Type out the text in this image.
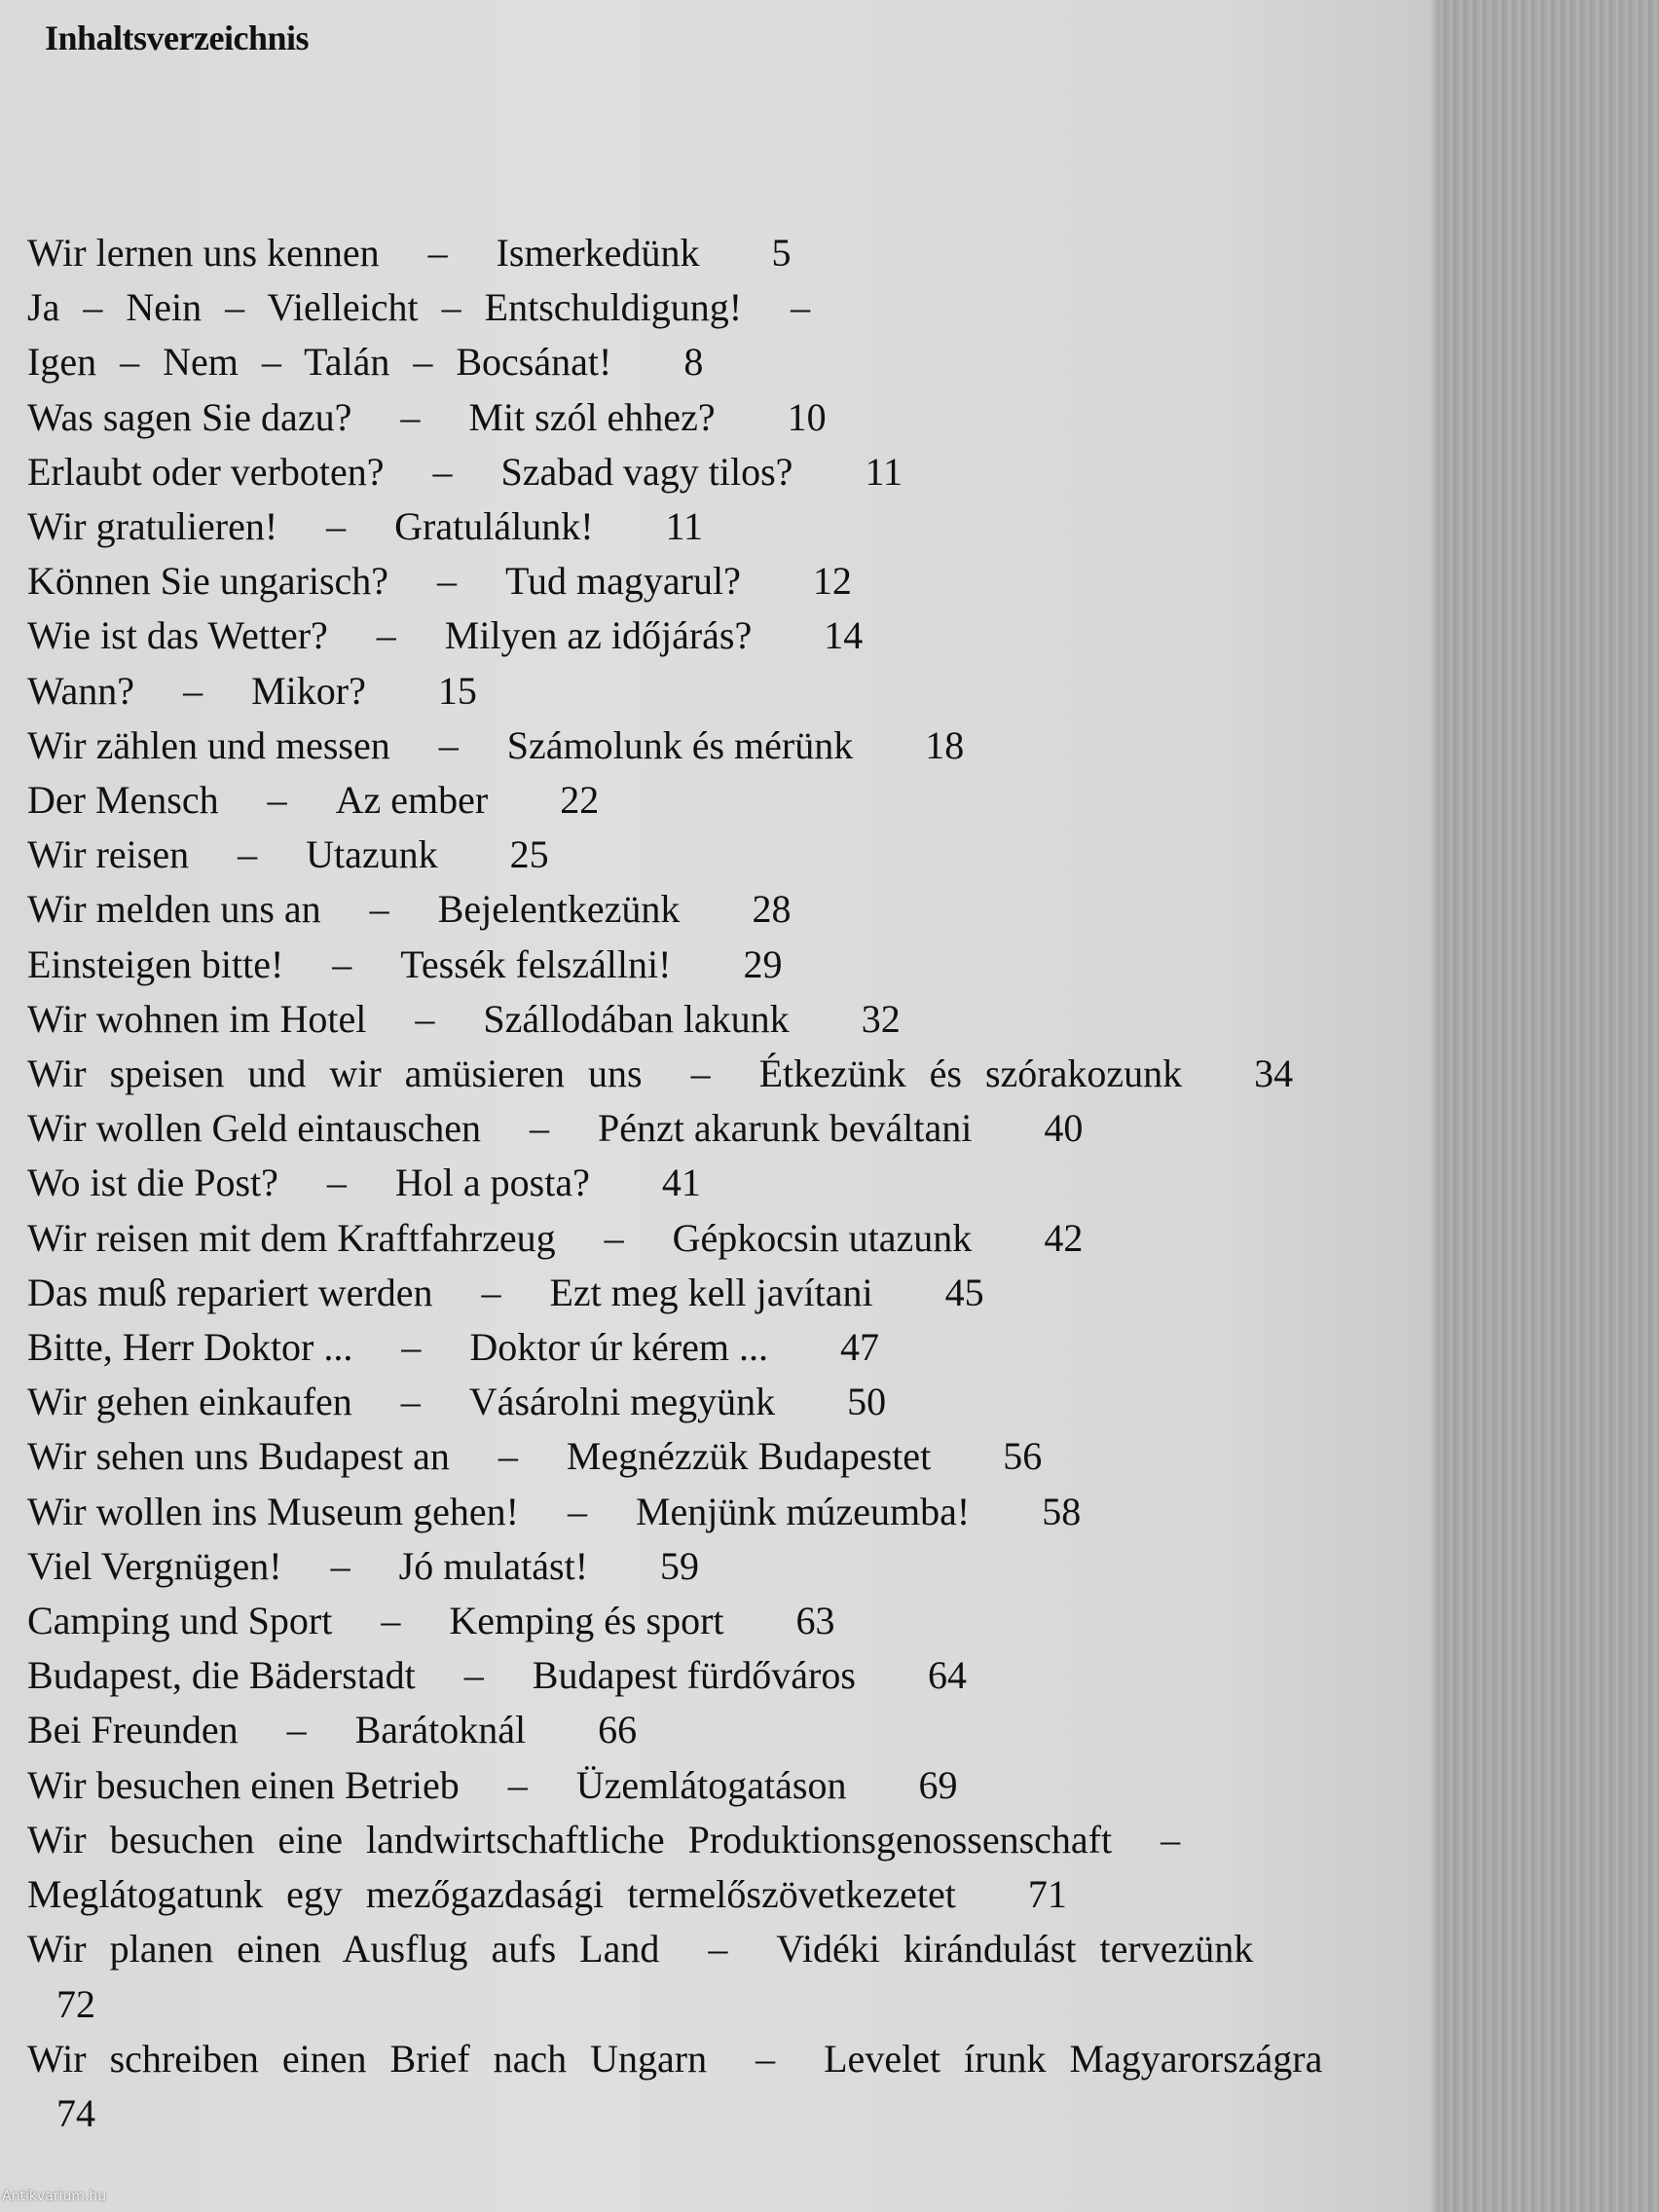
Inhaltsverzeichnis
Wir lernen uns kennen – Ismerkedünk 5
Ja – Nein – Vielleicht – Entschuldigung! –
Igen – Nem – Talán – Bocsánat! 8
Was sagen Sie dazu? – Mit szól ehhez? 10
Erlaubt oder verboten? – Szabad vagy tilos? 11
Wir gratulieren! – Gratulálunk! 11
Können Sie ungarisch? – Tud magyarul? 12
Wie ist das Wetter? – Milyen az időjárás? 14
Wann? – Mikor? 15
Wir zählen und messen – Számolunk és mérünk 18
Der Mensch – Az ember 22
Wir reisen – Utazunk 25
Wir melden uns an – Bejelentkezünk 28
Einsteigen bitte! – Tessék felszállni! 29
Wir wohnen im Hotel – Szállodában lakunk 32
Wir speisen und wir amüsieren uns – Étkezünk és szórakozunk 34
Wir wollen Geld eintauschen – Pénzt akarunk beváltani 40
Wo ist die Post? – Hol a posta? 41
Wir reisen mit dem Kraftfahrzeug – Gépkocsin utazunk 42
Das muß repariert werden – Ezt meg kell javítani 45
Bitte, Herr Doktor ... – Doktor úr kérem ... 47
Wir gehen einkaufen – Vásárolni megyünk 50
Wir sehen uns Budapest an – Megnézzük Budapestet 56
Wir wollen ins Museum gehen! – Menjünk múzeumba! 58
Viel Vergnügen! – Jó mulatást! 59
Camping und Sport – Kemping és sport 63
Budapest, die Bäderstadt – Budapest fürdőváros 64
Bei Freunden – Barátoknál 66
Wir besuchen einen Betrieb – Üzemlátogatáson 69
Wir besuchen eine landwirtschaftliche Produktionsgenossenschaft –
Meglátogatunk egy mezőgazdasági termelőszövetkezetet 71
Wir planen einen Ausflug aufs Land – Vidéki kirándulást tervezünk
72
Wir schreiben einen Brief nach Ungarn – Levelet írunk Magyarországra
74
Antikvarium.hu
